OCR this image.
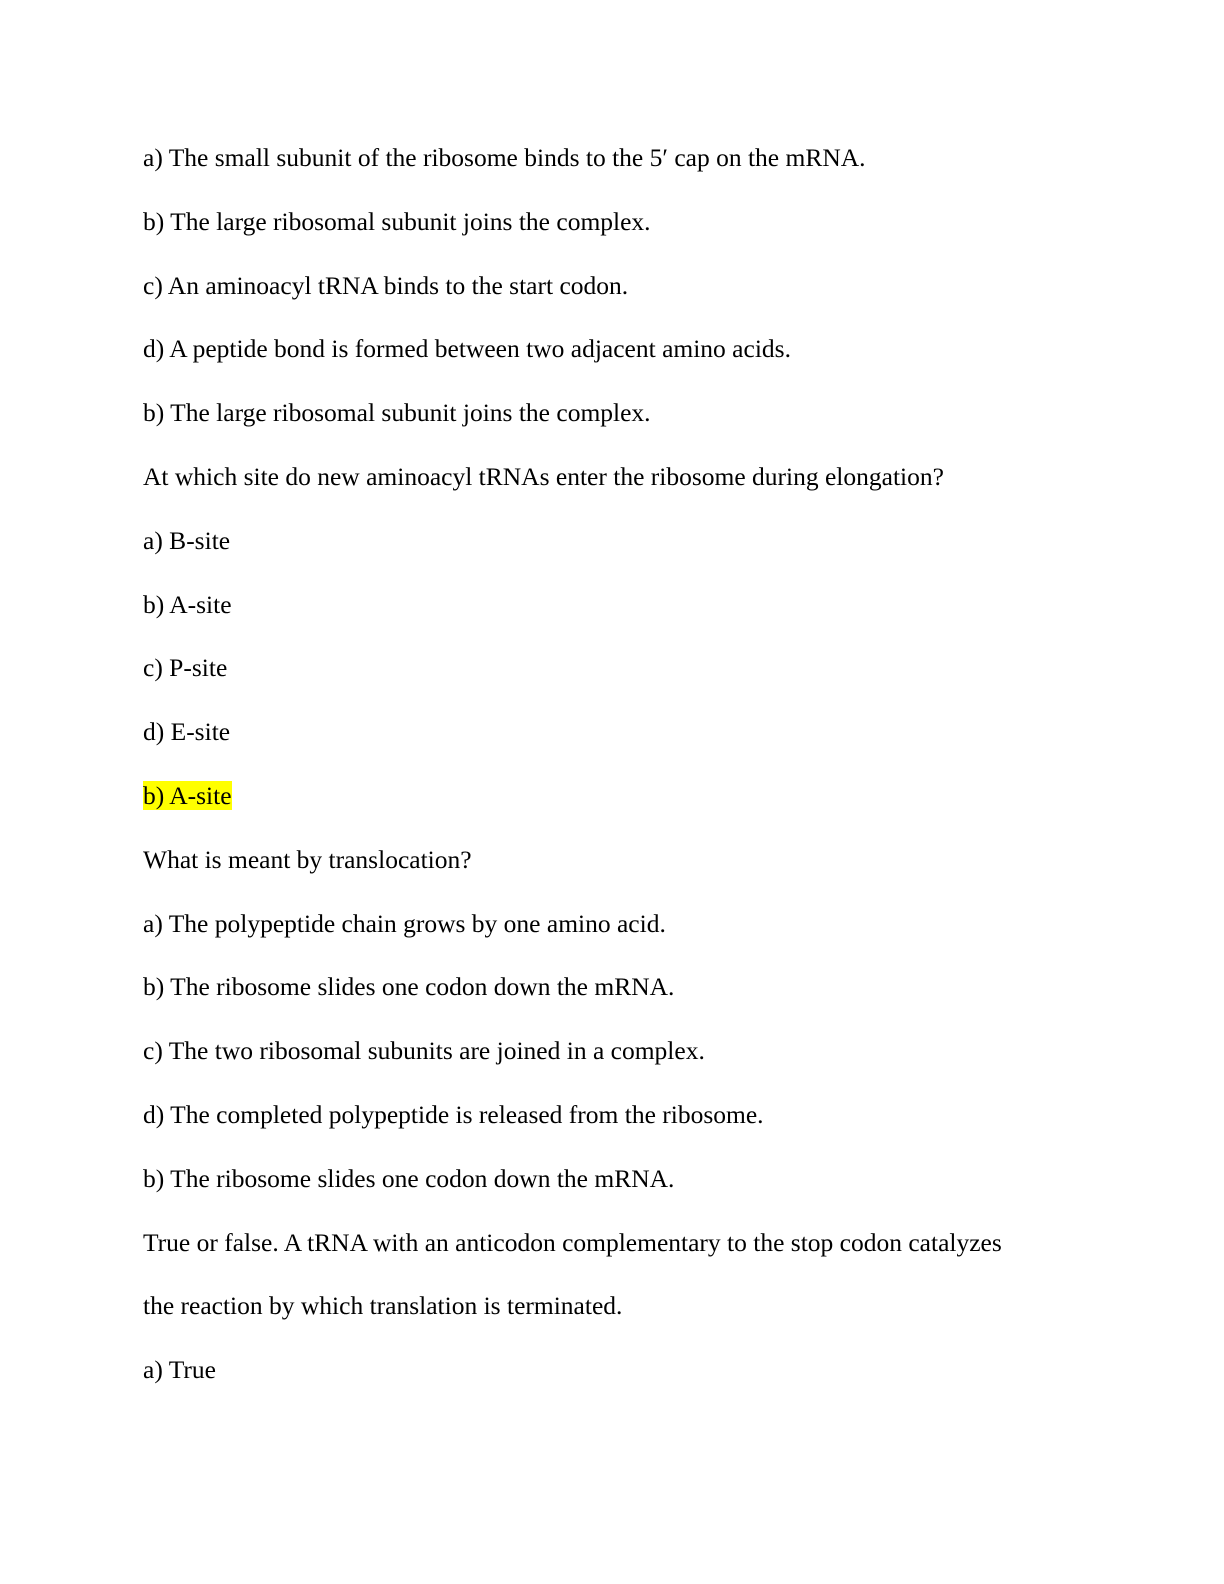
a) The small subunit of the ribosome binds to the 5′ cap on the mRNA.
b) The large ribosomal subunit joins the complex.
c) An aminoacyl tRNA binds to the start codon.
d) A peptide bond is formed between two adjacent amino acids.
b) The large ribosomal subunit joins the complex.
At which site do new aminoacyl tRNAs enter the ribosome during elongation?
a) B-site
b) A-site
c) P-site
d) E-site
b) A-site
What is meant by translocation?
a) The polypeptide chain grows by one amino acid.
b) The ribosome slides one codon down the mRNA.
c) The two ribosomal subunits are joined in a complex.
d) The completed polypeptide is released from the ribosome.
b) The ribosome slides one codon down the mRNA.
True or false. A tRNA with an anticodon complementary to the stop codon catalyzes
the reaction by which translation is terminated.
a) True
